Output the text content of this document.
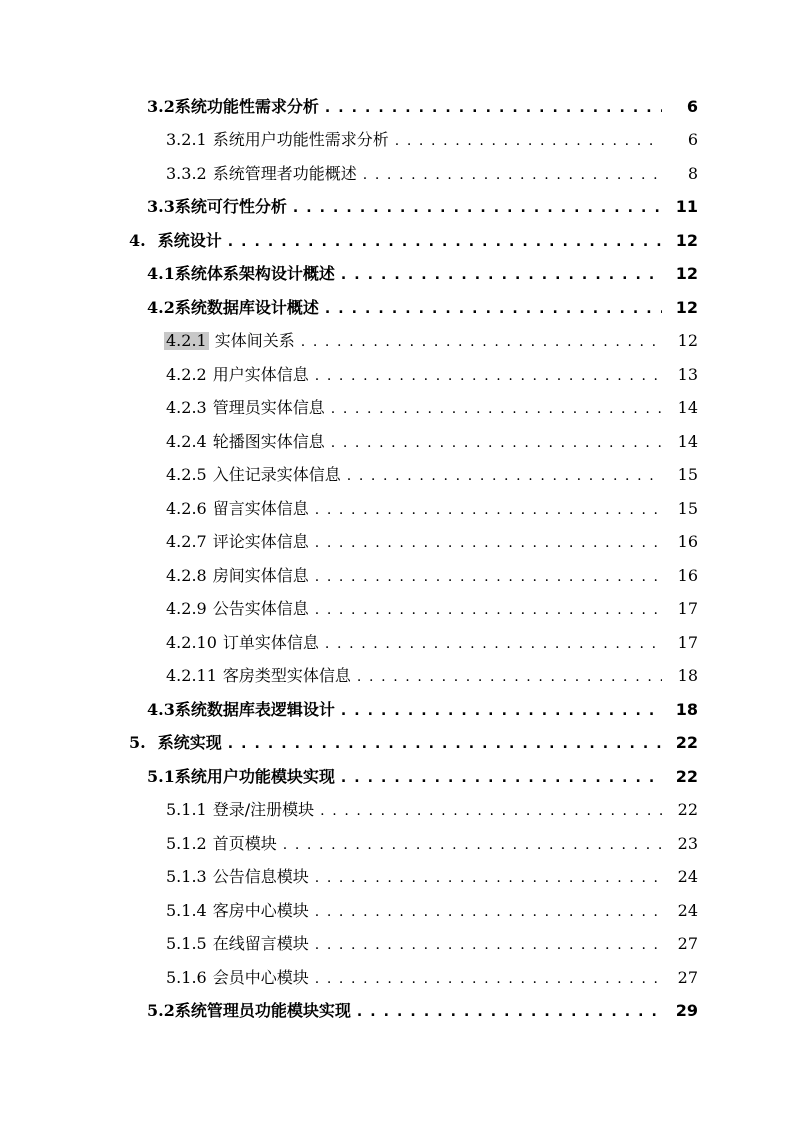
3.2 系统功能性需求分析 . . .	6
3.2.1 系统用户功能性需求分析 . . .	6
3.3.2 系统管理者功能概述 . . .	8
3.3 系统可行性分析 . . .	11
4. 系统设计 . . .	12
4.1 系统体系架构设计概述 . . .	12
4.2 系统数据库设计概述 . . .	12
4.2.1 实体间关系 . . .	12
4.2.2 用户实体信息 . . .	13
4.2.3 管理员实体信息 . . .	14
4.2.4 轮播图实体信息 . . .	14
4.2.5 入住记录实体信息 . . .	15
4.2.6 留言实体信息 . . .	15
4.2.7 评论实体信息 . . .	16
4.2.8 房间实体信息 . . .	16
4.2.9 公告实体信息 . . .	17
4.2.10 订单实体信息 . . .	17
4.2.11 客房类型实体信息 . . .	18
4.3 系统数据库表逻辑设计 . . .	18
5. 系统实现 . . .	22
5.1 系统用户功能模块实现 . . .	22
5.1.1 登录/注册模块 . . .	22
5.1.2 首页模块 . . .	23
5.1.3 公告信息模块 . . .	24
5.1.4 客房中心模块 . . .	24
5.1.5 在线留言模块 . . .	27
5.1.6 会员中心模块 . . .	27
5.2 系统管理员功能模块实现 . . .	29
